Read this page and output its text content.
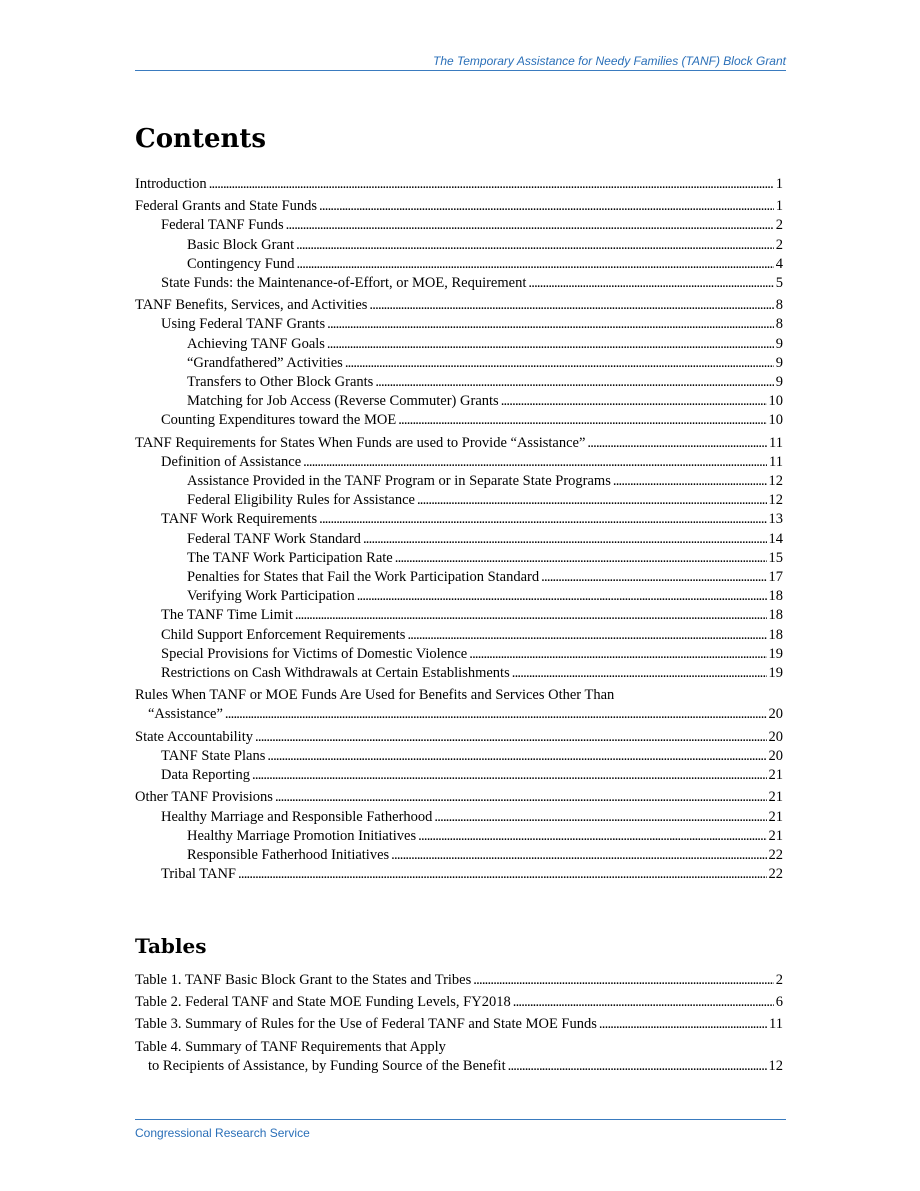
The Temporary Assistance for Needy Families (TANF) Block Grant
Contents
Introduction . . .	1
Federal Grants and State Funds . . .	1
Federal TANF Funds . . .	2
Basic Block Grant . . .	2
Contingency Fund . . .	4
State Funds: the Maintenance-of-Effort, or MOE, Requirement . . .	5
TANF Benefits, Services, and Activities . . .	8
Using Federal TANF Grants . . .	8
Achieving TANF Goals . . .	9
“Grandfathered” Activities . . .	9
Transfers to Other Block Grants . . .	9
Matching for Job Access (Reverse Commuter) Grants . . .	10
Counting Expenditures toward the MOE . . .	10
TANF Requirements for States When Funds are used to Provide “Assistance” . . .	11
Definition of Assistance . . .	11
Assistance Provided in the TANF Program or in Separate State Programs . . .	12
Federal Eligibility Rules for Assistance . . .	12
TANF Work Requirements . . .	13
Federal TANF Work Standard . . .	14
The TANF Work Participation Rate . . .	15
Penalties for States that Fail the Work Participation Standard . . .	17
Verifying Work Participation . . .	18
The TANF Time Limit . . .	18
Child Support Enforcement Requirements . . .	18
Special Provisions for Victims of Domestic Violence . . .	19
Restrictions on Cash Withdrawals at Certain Establishments . . .	19
Rules When TANF or MOE Funds Are Used for Benefits and Services Other Than
“Assistance” . . .	20
State Accountability . . .	20
TANF State Plans . . .	20
Data Reporting . . .	21
Other TANF Provisions . . .	21
Healthy Marriage and Responsible Fatherhood . . .	21
Healthy Marriage Promotion Initiatives . . .	21
Responsible Fatherhood Initiatives . . .	22
Tribal TANF . . .	22
Tables
Table 1. TANF Basic Block Grant to the States and Tribes . . .	2
Table 2. Federal TANF and State MOE Funding Levels, FY2018 . . .	6
Table 3. Summary of Rules for the Use of Federal TANF and State MOE Funds . . .	11
Table 4. Summary of TANF Requirements that Apply
to Recipients of Assistance, by Funding Source of the Benefit . . .	12
Congressional Research Service
